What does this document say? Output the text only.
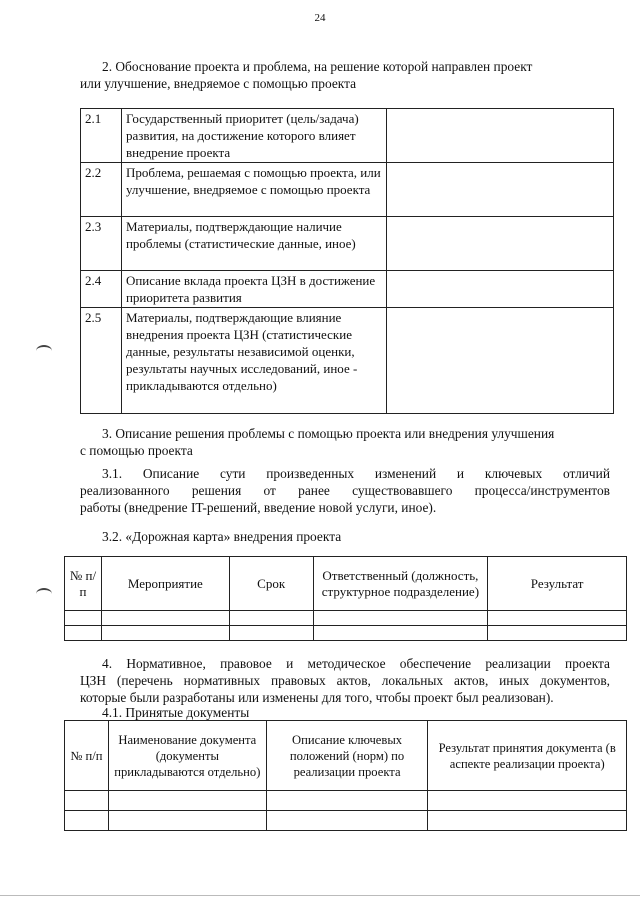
24
2. Обоснование проекта и проблема, на решение которой направлен проект

или улучшение, внедряемое с помощью проекта
2.1	Государственный приоритет (цель/задача) развития, на достижение которого влияет внедрение проекта	
2.2	Проблема, решаемая с помощью проекта, или улучшение, внедряемое с помощью проекта	
2.3	Материалы, подтверждающие наличие проблемы (статистические данные, иное)	
2.4	Описание вклада проекта ЦЗН в достижение приоритета развития	
2.5	Материалы, подтверждающие влияние внедрения проекта ЦЗН (статистические данные, результаты независимой оценки, результаты научных исследований, иное - прикладываются отдельно)	
3. Описание решения проблемы с помощью проекта или внедрения улучшения
с помощью проекта
3.1. Описание сути произведенных изменений и ключевых отличий
реализованного решения от ранее существовавшего процесса/инструментов
работы (внедрение IT-решений, введение новой услуги, иное).
3.2. «Дорожная карта» внедрения проекта
№ п/п	Мероприятие	Срок	Ответственный (должность, структурное подразделение)	Результат

4. Нормативное, правовое и методическое обеспечение реализации проекта
ЦЗН (перечень нормативных правовых актов, локальных актов, иных документов,
которые были разработаны или изменены для того, чтобы проект был реализован).
4.1. Принятые документы
№ п/п	Наименование документа (документы прикладываются отдельно)	Описание ключевых положений (норм) по реализации проекта	Результат принятия документа (в аспекте реализации проекта)
